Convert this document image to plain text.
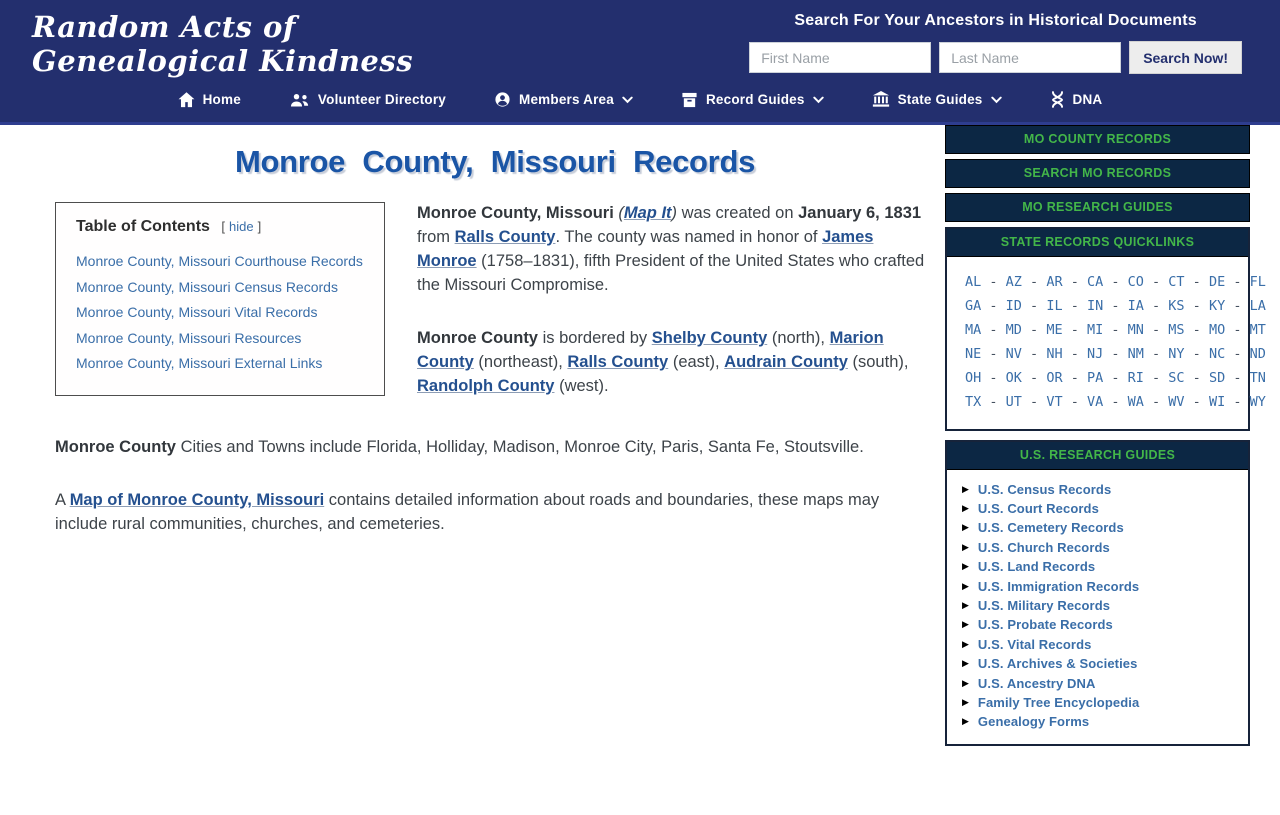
Random Acts of
Genealogical Kindness
Search For Your Ancestors in Historical Documents
First Name
Last Name
Search Now!
Home	Volunteer Directory	Members Area	Record Guides	State Guides	DNA
Monroe County, Missouri Records
Table of Contents [ hide ]
Monroe County, Missouri Courthouse Records
Monroe County, Missouri Census Records
Monroe County, Missouri Vital Records
Monroe County, Missouri Resources
Monroe County, Missouri External Links

Monroe County, Missouri (Map It) was created on January 6, 1831 from Ralls County. The county was named in honor of James Monroe (1758–1831), fifth President of the United States who crafted the Missouri Compromise.

Monroe County is bordered by Shelby County (north), Marion County (northeast), Ralls County (east), Audrain County (south), Randolph County (west).

Monroe County Cities and Towns include Florida, Holliday, Madison, Monroe City, Paris, Santa Fe, Stoutsville.

A Map of Monroe County, Missouri contains detailed information about roads and boundaries, these maps may include rural communities, churches, and cemeteries.

MO COUNTY RECORDS
SEARCH MO RECORDS
MO RESEARCH GUIDES
STATE RECORDS QUICKLINKS
AL - AZ - AR - CA - CO - CT - DE - FL
GA - ID - IL - IN - IA - KS - KY - LA
MA - MD - ME - MI - MN - MS - MO - MT
NE - NV - NH - NJ - NM - NY - NC - ND
OH - OK - OR - PA - RI - SC - SD - TN
TX - UT - VT - VA - WA - WV - WI - WY
U.S. RESEARCH GUIDES
▶ U.S. Census Records
▶ U.S. Court Records
▶ U.S. Cemetery Records
▶ U.S. Church Records
▶ U.S. Land Records
▶ U.S. Immigration Records
▶ U.S. Military Records
▶ U.S. Probate Records
▶ U.S. Vital Records
▶ U.S. Archives & Societies
▶ U.S. Ancestry DNA
▶ Family Tree Encyclopedia
▶ Genealogy Forms
